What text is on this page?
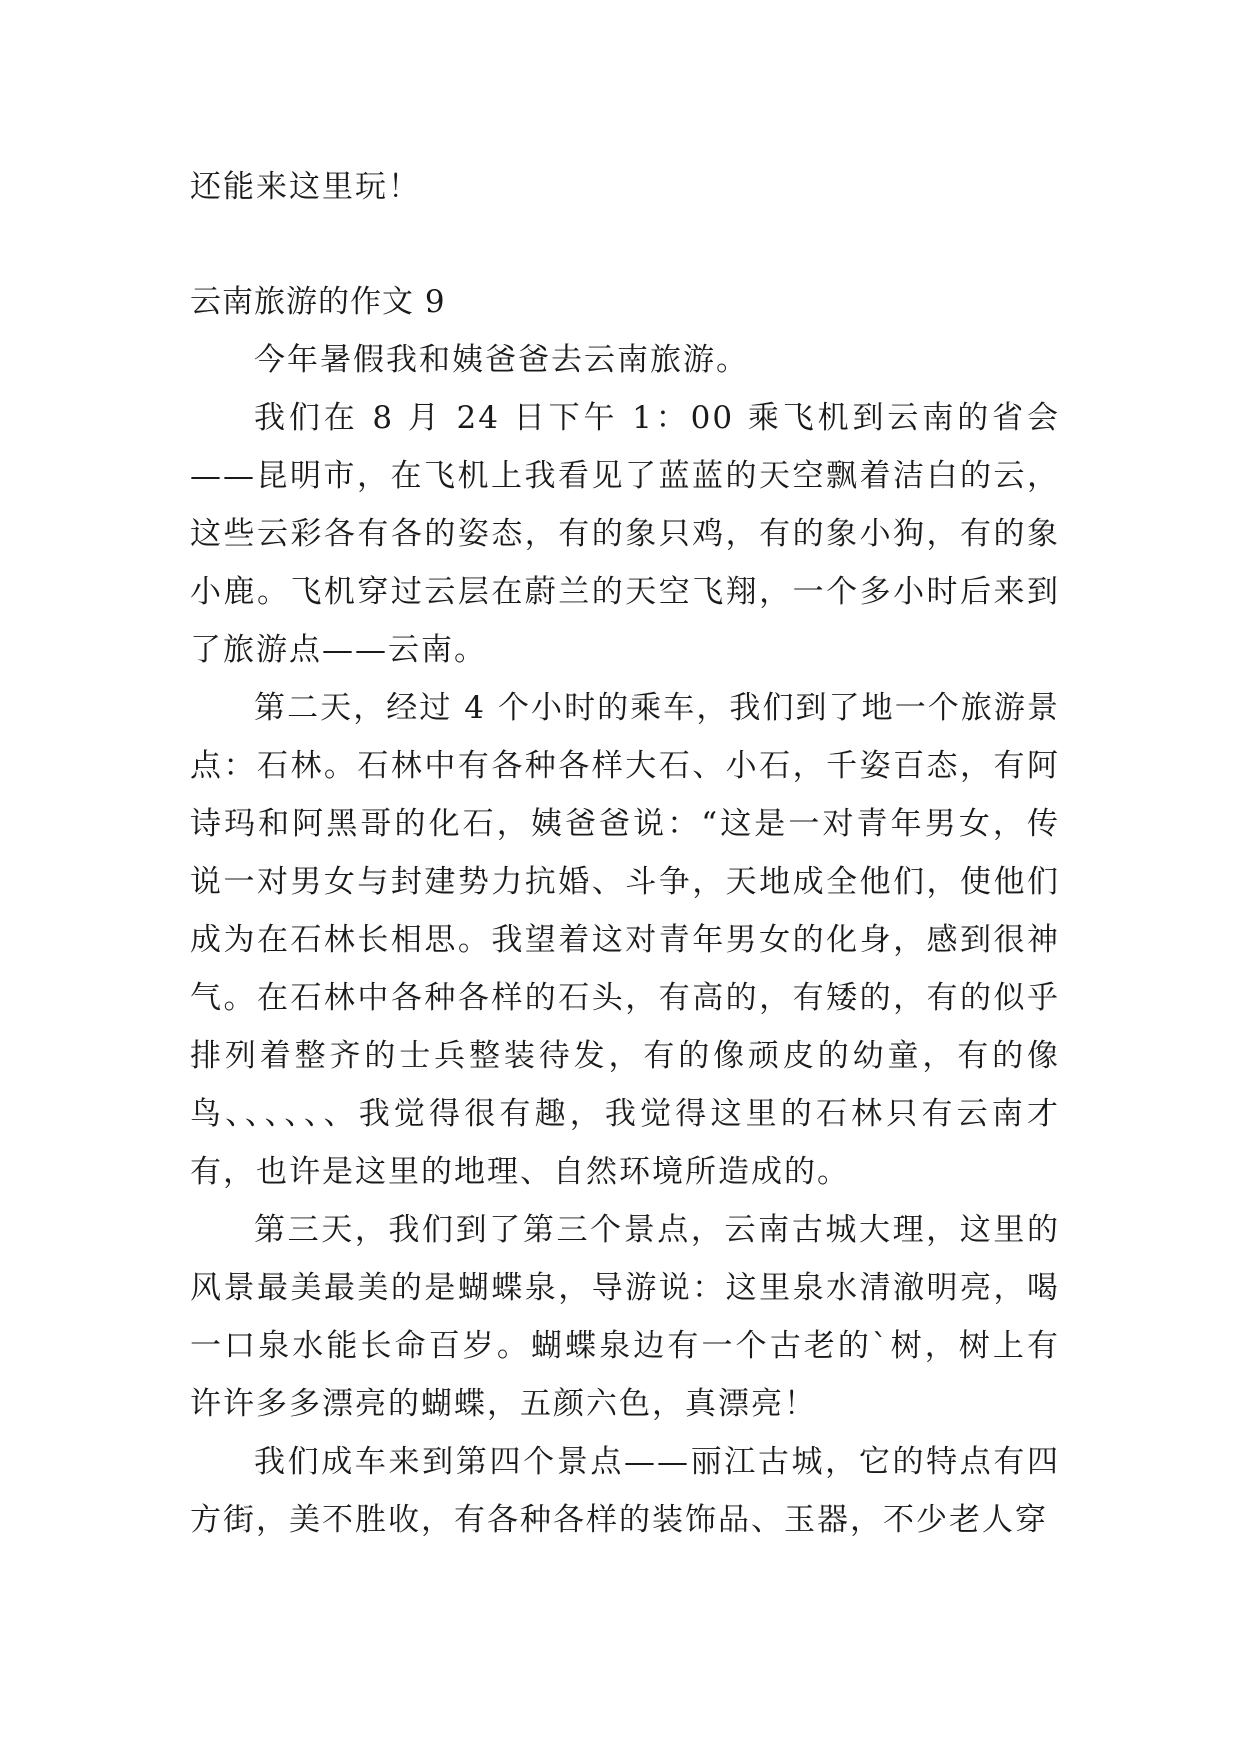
还能来这里玩！
云南旅游的作文 9

今年暑假我和姨爸爸去云南旅游。

我们在 8 月 24 日下午 1：00 乘飞机到云南的省会——昆明市，在飞机上我看见了蓝蓝的天空飘着洁白的云，这些云彩各有各的姿态，有的象只鸡，有的象小狗，有的象小鹿。飞机穿过云层在蔚兰的天空飞翔，一个多小时后来到了旅游点——云南。

第二天，经过 4 个小时的乘车，我们到了地一个旅游景点：石林。石林中有各种各样大石、小石，千姿百态，有阿诗玛和阿黑哥的化石，姨爸爸说：“这是一对青年男女，传说一对男女与封建势力抗婚、斗争，天地成全他们，使他们成为在石林长相思。我望着这对青年男女的化身，感到很神气。在石林中各种各样的石头，有高的，有矮的，有的似乎排列着整齐的士兵整装待发，有的像顽皮的幼童，有的像鸟、、、、、、我觉得很有趣，我觉得这里的石林只有云南才有，也许是这里的地理、自然环境所造成的。

第三天，我们到了第三个景点，云南古城大理，这里的风景最美最美的是蝴蝶泉，导游说：这里泉水清澈明亮，喝一口泉水能长命百岁。蝴蝶泉边有一个古老的`树，树上有许许多多漂亮的蝴蝶，五颜六色，真漂亮！

我们成车来到第四个景点——丽江古城，它的特点有四方街，美不胜收，有各种各样的装饰品、玉器，不少老人穿
